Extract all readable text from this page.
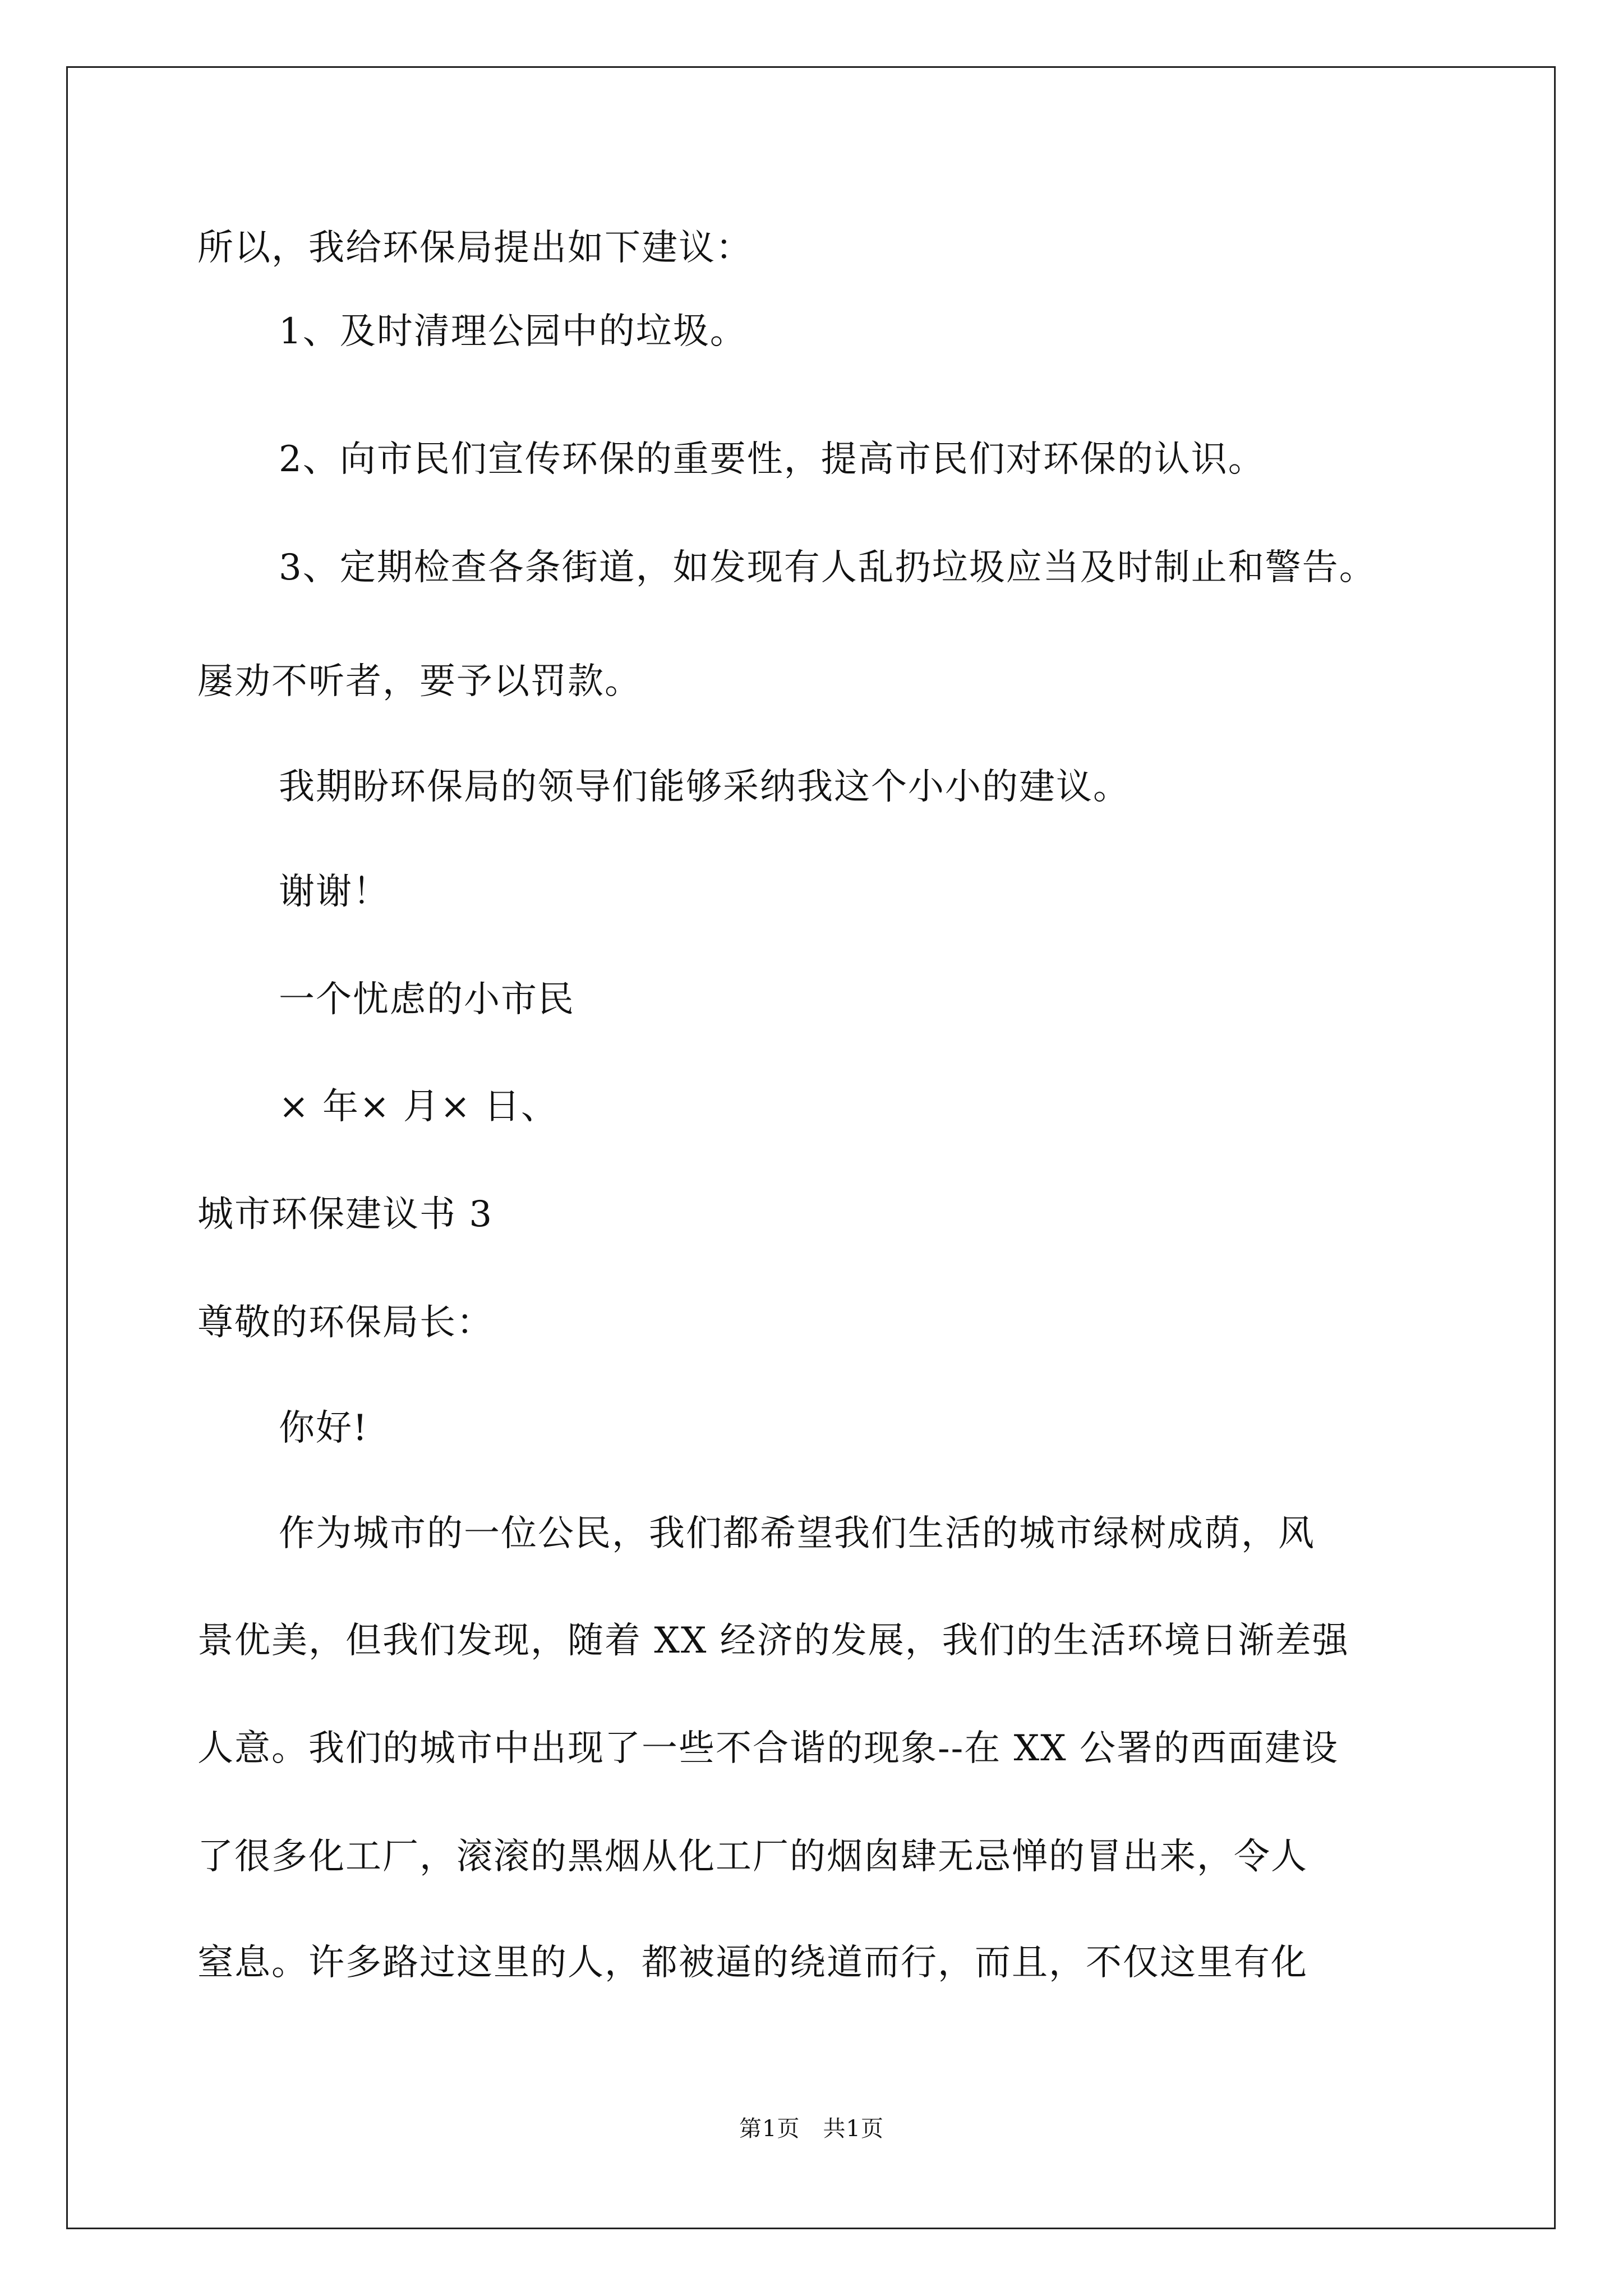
所以，我给环保局提出如下建议：
1、及时清理公园中的垃圾。
2、向市民们宣传环保的重要性，提高市民们对环保的认识。
3、定期检查各条街道，如发现有人乱扔垃圾应当及时制止和警告。
屡劝不听者，要予以罚款。
我期盼环保局的领导们能够采纳我这个小小的建议。
谢谢！
一个忧虑的小市民
× 年× 月× 日、
城市环保建议书 3
尊敬的环保局长：
你好!
作为城市的一位公民，我们都希望我们生活的城市绿树成荫，风
景优美，但我们发现，随着 XX 经济的发展，我们的生活环境日渐差强
人意。我们的城市中出现了一些不合谐的现象--在 XX 公署的西面建设
了很多化工厂，滚滚的黑烟从化工厂的烟囱肆无忌惮的冒出来，令人
窒息。许多路过这里的人，都被逼的绕道而行，而且，不仅这里有化
第1页　共1页
